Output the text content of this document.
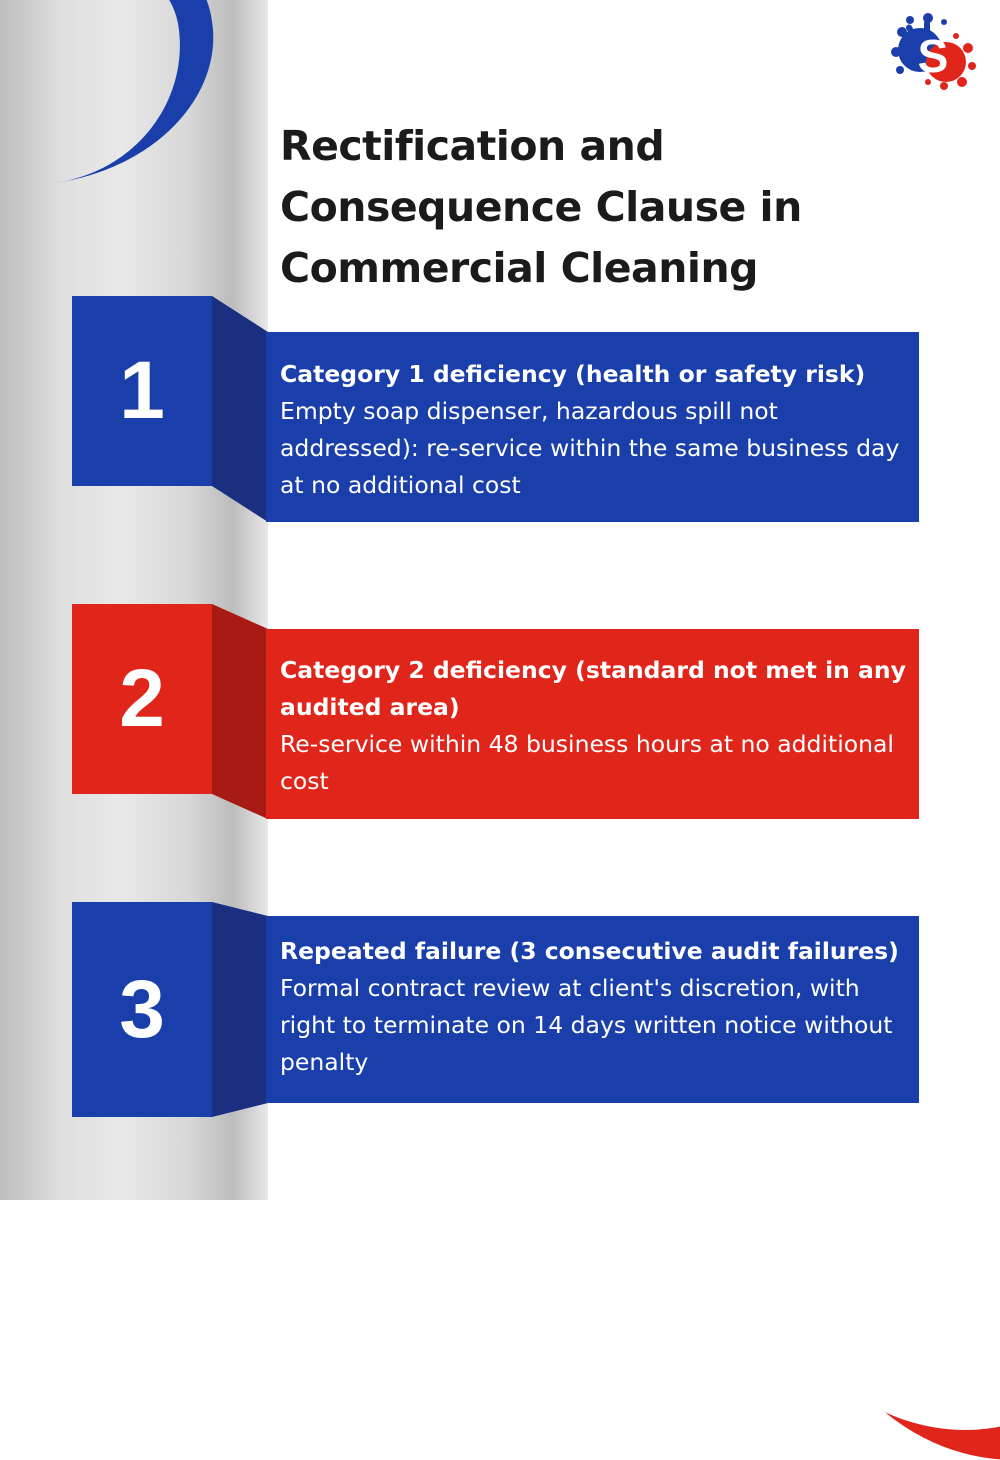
S
Rectification and
Consequence Clause in
Commercial Cleaning
1	Category 1 deficiency (health or safety risk)
Empty soap dispenser, hazardous spill not addressed): re-service within the same business day at no additional cost
2	Category 2 deficiency (standard not met in any audited area)
Re-service within 48 business hours at no additional cost
3
Repeated failure (3 consecutive audit failures)
Formal contract review at client's discretion, with right to terminate on 14 days written notice without penalty
